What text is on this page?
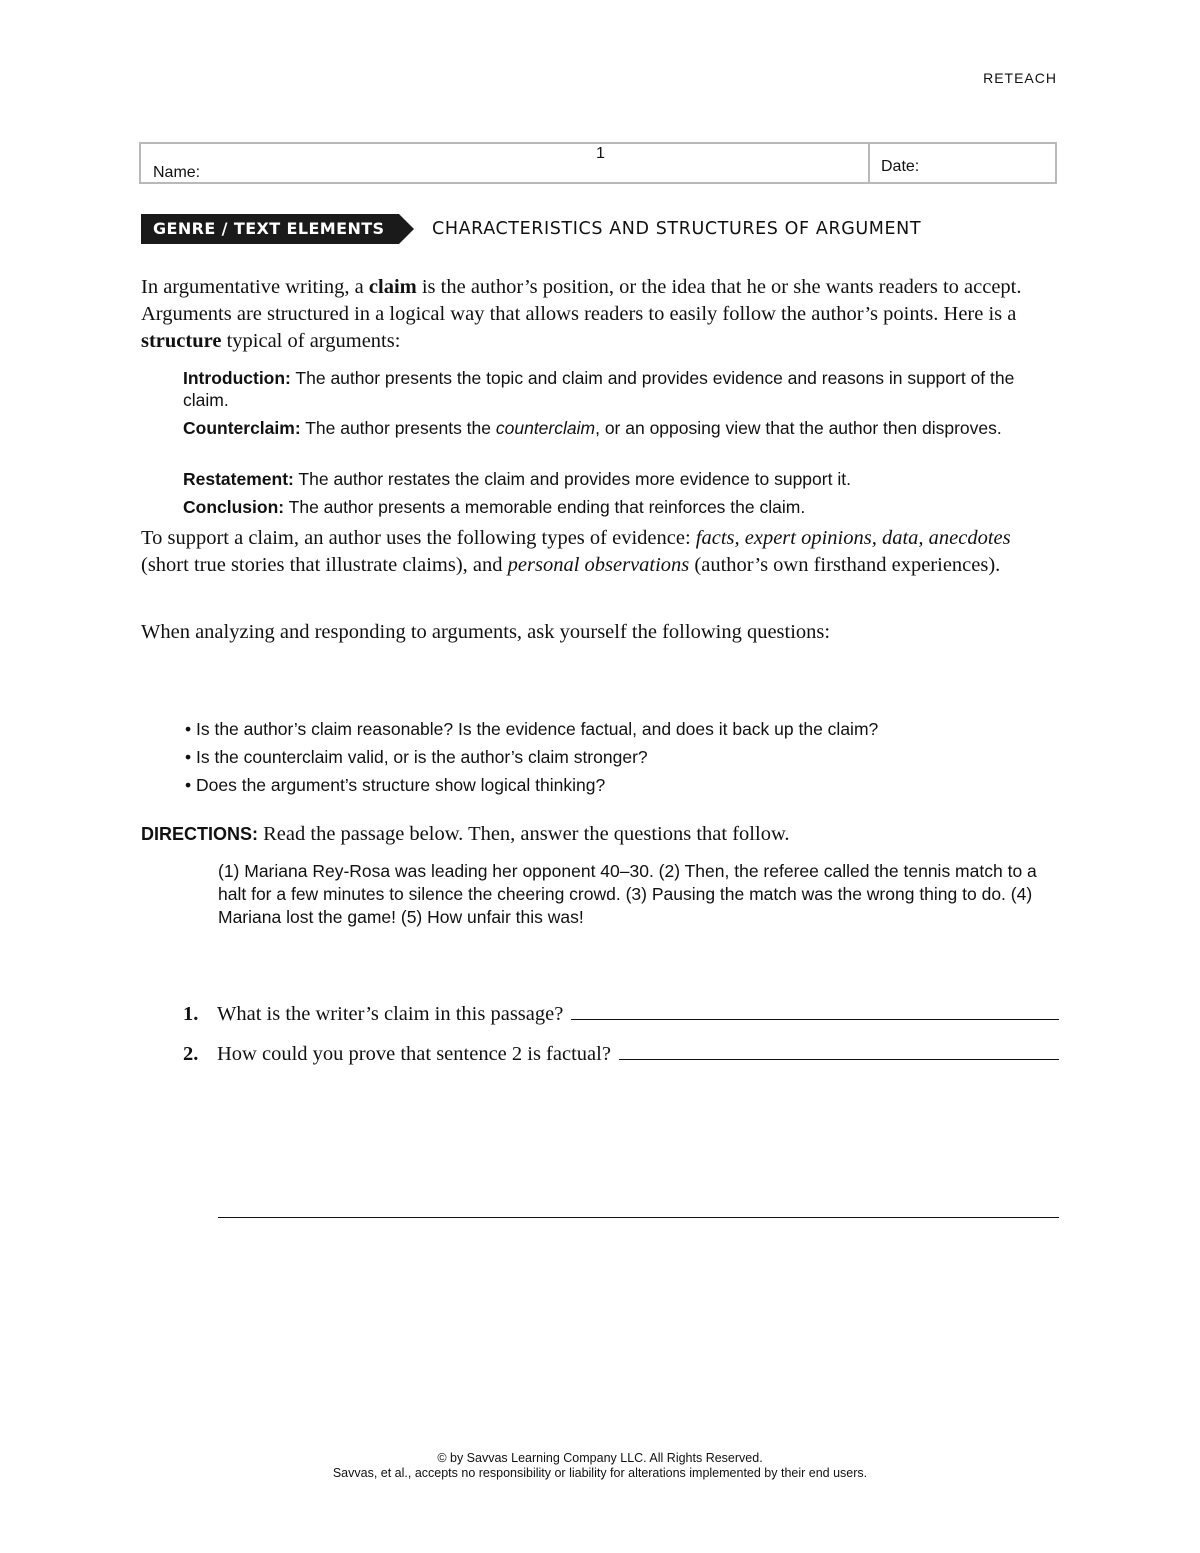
RETEACH
Name:
1
Date:
GENRE / TEXT ELEMENTS	CHARACTERISTICS AND STRUCTURES OF ARGUMENT
In argumentative writing, a claim is the author’s position, or the idea that he or she wants readers to accept. Arguments are structured in a logical way that allows readers to easily follow the author’s points. Here is a structure typical of arguments:
Introduction: The author presents the topic and claim and provides evidence and reasons in support of the claim.
Counterclaim: The author presents the counterclaim, or an opposing view that the author then disproves.
Restatement: The author restates the claim and provides more evidence to support it.
Conclusion: The author presents a memorable ending that reinforces the claim.
To support a claim, an author uses the following types of evidence: facts, expert opinions, data, anecdotes (short true stories that illustrate claims), and personal observations (author’s own firsthand experiences).
When analyzing and responding to arguments, ask yourself the following questions:
• Is the author’s claim reasonable? Is the evidence factual, and does it back up the claim?
• Is the counterclaim valid, or is the author’s claim stronger?
• Does the argument’s structure show logical thinking?
DIRECTIONS: Read the passage below. Then, answer the questions that follow.
(1) Mariana Rey-Rosa was leading her opponent 40–30. (2) Then, the referee called the tennis match to a halt for a few minutes to silence the cheering crowd. (3) Pausing the match was the wrong thing to do. (4) Mariana lost the game! (5) How unfair this was!
1. What is the writer’s claim in this passage?
2. How could you prove that sentence 2 is factual?
© by Savvas Learning Company LLC. All Rights Reserved.
Savvas, et al., accepts no responsibility or liability for alterations implemented by their end users.
